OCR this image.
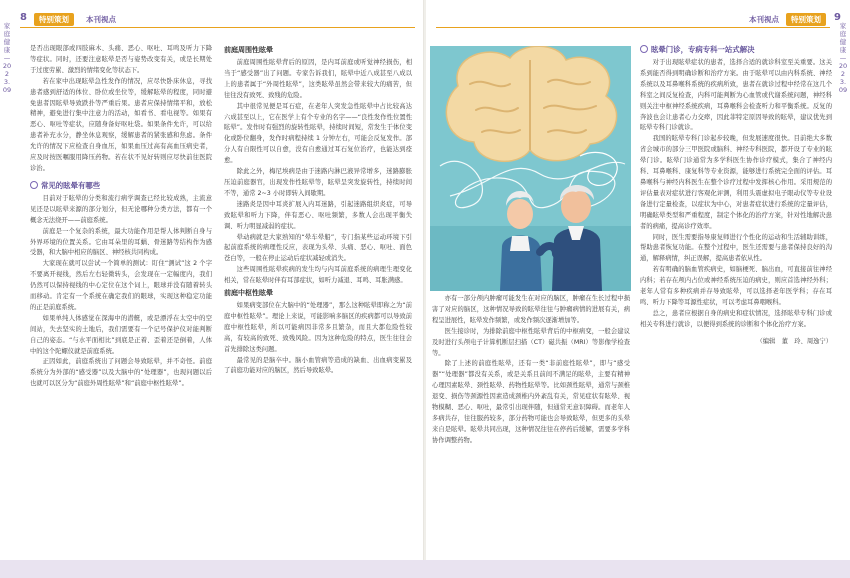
8	特别策划	本刊视点
家庭健康—2023.09

是否出现眼部或四肢麻木、头痛、恶心、呕吐、耳鸣及听力下降等症状。同时，还要注意眩晕是否与姿势改变有关，或是长期处于过度劳累、激烈的情绪变化等状态下。

若在家中出现眩晕急性发作的情况，应尽快卧床休息，寻找患者感到舒适的体位、卧位或坐位等，缓解眩晕的程度，同时避免患者因眩晕导致跌扑等严重后果。患者应保持情绪平和，放松精神，避免进行集中注意力的活动，如看书、看电视等。如果有恶心、呕吐等症状，应随身备好呕吐袋。如果条件允许，可以给患者补充水分，静坐休息观察，缓解患者的紧张感和焦虑。条件允许的情况下应检查自身血压，如果血压过高有高血压病史者，应及时按医嘱服用降压药物。若在状不见好转则应尽快前往医院诊治。

常见的眩晕有哪些

目前对于眩晕的分类和流行病学调查已经比较成熟，主流意见还是以眩晕来源的部分划分，但无论哪种分类方法，都有一个概念无法绕开——前庭系统。

前庭是一个复杂的系统，最大功能作用是帮人体判断自身与外界环境的位置关系。它由耳朵里的耳蜗、骨迷路等结构作为感受器，和大脑中相应的脑区、神经核共同构成。

大家现在就可以尝试一个简单的测试：盯住“测试”这 2 个字不要离开视线，然后左右轻微转头，会发现在一定幅度内，我们仍然可以保持视线的中心定位在这个词上，眼球并没有随着转头而移动。肯定有一个系统在确定我们的眼球，实现这种稳定功能的正是前庭系统。

如果单纯人体感觉在深海中的潜艇，或是漂浮在太空中的空间站，失去坚实的土地后，我们需要有一个记号保护仪对能判断自己的姿态。“与水平面相比”到底是正着、歪着还是倒着，人体中的这个陀螺仪就是前庭系统。

正因如此，前庭系统出了问题会导致眩晕，并不奇怪。前庭系统分为外部的“感受器”以及大脑中的“处理器”，也现问题以后也就可以区分为“前庭外周性眩晕”和“前庭中枢性眩晕”。

前庭周围性眩晕

前庭周围性眩晕背后的原因，是内耳前庭或听觉神经损伤，相当于“感受器”出了问题。专家告诉我们，眩晕中近八成甚至八成以上的患者属于“外周性眩晕”，这类眩晕虽然会带来较大的痛苦，但往往没有致死、致残的危险。

其中很常见便是耳石症，在老年人突发急性眩晕中占比较高达六成甚至以上，它在医学上有个专业的名字——“良性发作性位置性眩晕”。发作时有强烈的旋转性眩晕，持续时间短，常发生于体位变化或卧位翻身，发作时病程持续 1 分钟左右，可能会反复发作。部分人有自限性可以自愈，没有自愈通过耳石复位治疗，也能达到痊愈。

除此之外，梅尼埃病是由于迷路内淋巴液异常增多，迷路膨胀压迫前庭器官，出现发作性眩晕等，眩晕呈突发旋转性，持续时间不等，通常 2~3 小时即转入间歇期。

迷路炎是因中耳炎扩展入内耳迷路，引起迷路组织炎症，可导致眩晕和听力下降，伴有恶心、呕吐频繁，多数人会出现平衡失调、听力明显减弱的症状。

晕动病就是大家熟知的“晕车晕船”，专门指某些运动环境下引起前庭系统的病理性反应，表现为头晕、头痛、恶心、呕吐、面色苍白等，一般在停止运动后症状减轻或消失。

这些周围性眩晕疾病的发生均与内耳前庭系统的病理生理变化相关，常在眩晕时伴有耳部症状，如听力减退、耳鸣、耳胀满感。

前庭中枢性眩晕

如果病变部位在大脑中的“处理器”，那么这种眩晕即称之为“前庭中枢性眩晕”。理论上来说，可能影响多脑区的疾病都可以导致前庭中枢性眩晕，所以可能病因非常多且繁杂，而且大都危险性较高，有较高的致死、致残风险。因为这种危险的特点，医生往往会首先排除这类问题。

最常见的是脑卒中。脑小血管病等造成的缺血、出血病变累及了前庭功能对应的脑区，然后导致眩晕。

本刊视点	特别策划	9
家庭健康—2023.09

亦有一部分颅内肿瘤可能发生在对应的脑区，肿瘤在生长过程中损害了对应的脑区，这种情况导致的眩晕往往与肿瘤病情的进展有关，病程呈进展性，眩晕发作频繁，或发作频次逐渐增加等。

医生接诊时，为排除前庭中枢性眩晕背后的中枢病变，一般会建议及时进行头颅电子计算机断层扫描（CT）磁共振（MRI）等影像学检查等。

除了上述的前庭性眩晕，还有一类“非前庭性眩晕”，即与“感受器”“处理器”都没有关系，或是关系且前间不满足的眩晕，主要有精神心理因素眩晕、颈性眩晕、药物性眩晕等。比如颈性眩晕，通常与颈椎退变、损伤等颈源性因素造成颈椎内外紊乱有关，常见症状有眩晕、视物模糊、恶心、呕吐，最常引出现伴随，但通常无意识障碍。而老年人多病共存，往往服药较多，部分药物可能也会导致眩晕，但更多的头晕来自是眩晕。眩晕共同出现，这种情况往往在停药后缓解，需要多学科协作调整药物。

眩晕门诊，专病专科一站式解决

对于出现眩晕症状的患者，选择合适的就诊科室至关重要。这关系到能否得到明确诊断和治疗方案。由于眩晕可以由内科系统、神经系统以及耳鼻喉科系统的疾病所致，患者在就诊过程中经常在这几个科室之间反复检查，内科可能判断为心血管或代谢系统问题，神经科则关注中枢神经系统疾病，耳鼻喉科会检查听力和平衡系统。反复的奔波也会让患者心力交瘁，因此菲特定原因导致的眩晕，建议优先到眩晕专科门诊就诊。

我国的眩晕专科门诊起步较晚，但发展速度很快。目前绝大多数省会城市的部分三甲医院或脑科、神经专科医院，都开设了专业的眩晕门诊。眩晕门诊通常为多学科医生协作诊疗模式，集合了神经内科、耳鼻喉科、康复科等专业资源，能够进行系统完全面的评估。耳鼻喉科与神经内科医生在整个诊疗过程中发挥核心作用。采用规范的评估量表对症状进行客观化评测，利用头震虚拟电子眼动仪等专业设备进行定量检查，以症状为中心，对患者症状进行系统的定量评估，明确眩晕类型和严重程度，制定个体化的治疗方案，针对性地解决患者的病痛，提高诊疗效率。

同时，医生需要指导康复师进行个性化的运动和生活辅助训练，帮助患者恢复功能。在整个过程中，医生还需要与患者保持良好的沟通，解释病情，纠正误解，提高患者依从性。

若有明确的脑血管疾病史，如脑梗死、脑出血，可直接前往神经内科；若存在颅内占位或神经系统压迫的病史，则应首选神经外科；老年人常有多种疾病并存导致眩晕，可以选择老年医学科；存在耳鸣、听力下降等耳源性症状，可以考虑耳鼻咽喉科。

总之，患者应根据自身的病史和症状情况，选择眩晕专科门诊或相关专科进行就诊，以便得到系统的诊断和个体化治疗方案。

（编辑　董　玲、周逸宁）
